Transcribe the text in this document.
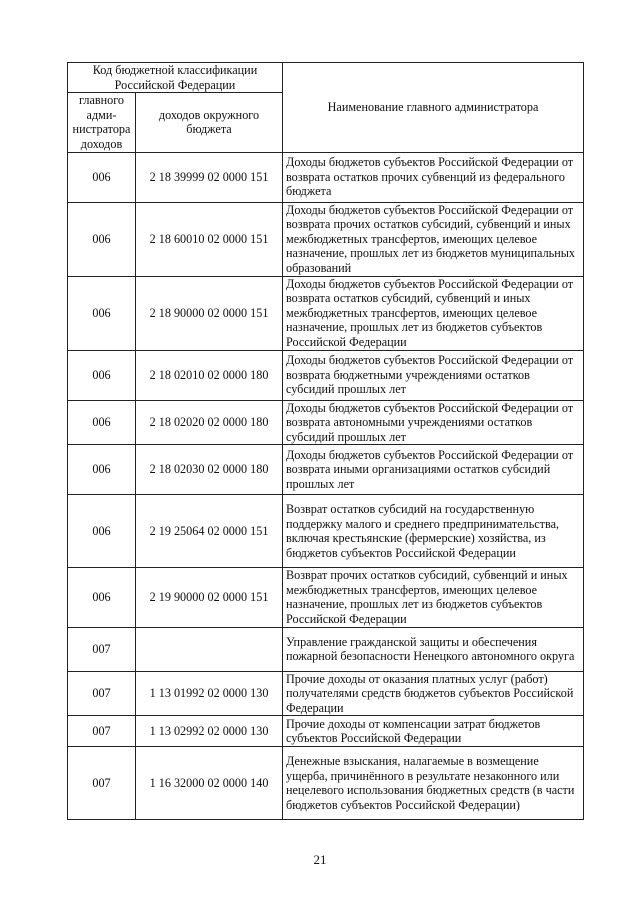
Код бюджетной классификации Российской Федерации		Наименование главного администратора
главного адми-нистратора доходов	доходов окружного бюджета	
006	2 18 39999 02 0000 151	Доходы бюджетов субъектов Российской Федерации от возврата остатков прочих субвенций из федерального бюджета
006	2 18 60010 02 0000 151	Доходы бюджетов субъектов Российской Федерации от возврата прочих остатков субсидий, субвенций и иных межбюджетных трансфертов, имеющих целевое назначение, прошлых лет из бюджетов муниципальных образований
006	2 18 90000 02 0000 151	Доходы бюджетов субъектов Российской Федерации от возврата остатков субсидий, субвенций и иных межбюджетных трансфертов, имеющих целевое назначение, прошлых лет из бюджетов субъектов Российской Федерации
006	2 18 02010 02 0000 180	Доходы бюджетов субъектов Российской Федерации от возврата бюджетными учреждениями остатков субсидий прошлых лет
006	2 18 02020 02 0000 180	Доходы бюджетов субъектов Российской Федерации от возврата автономными учреждениями остатков субсидий прошлых лет
006	2 18 02030 02 0000 180	Доходы бюджетов субъектов Российской Федерации от возврата иными организациями остатков субсидий прошлых лет
006	2 19 25064 02 0000 151	Возврат остатков субсидий на государственную поддержку малого и среднего предпринимательства, включая крестьянские (фермерские) хозяйства, из бюджетов субъектов Российской Федерации
006	2 19 90000 02 0000 151	Возврат прочих остатков субсидий, субвенций и иных межбюджетных трансфертов, имеющих целевое назначение, прошлых лет из бюджетов субъектов Российской Федерации
007		Управление гражданской защиты и обеспечения пожарной безопасности Ненецкого автономного округа
007	1 13 01992 02 0000 130	Прочие доходы от оказания платных услуг (работ) получателями средств бюджетов субъектов Российской Федерации
007	1 13 02992 02 0000 130	Прочие доходы от компенсации затрат бюджетов субъектов Российской Федерации
007	1 16 32000 02 0000 140	Денежные взыскания, налагаемые в возмещение ущерба, причинённого в результате незаконного или нецелевого использования бюджетных средств (в части бюджетов субъектов Российской Федерации)
21
